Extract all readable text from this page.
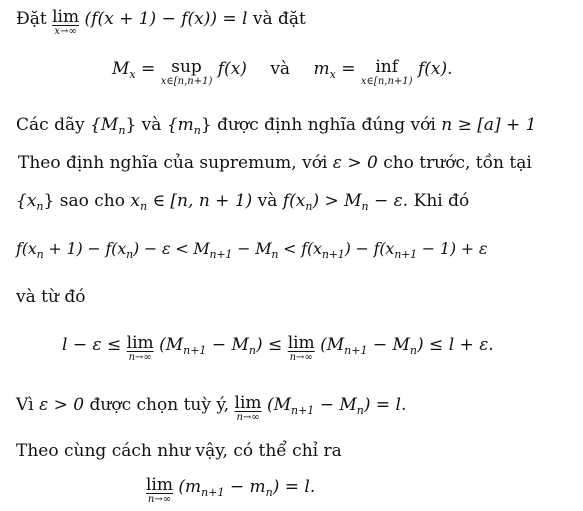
Đặt lim
x→∞
(f(x + 1) − f(x)) = l và đặt
$M_x$ = sup
x∈[n,n+1)
f(x) và $m_x$ =	inf
x∈[n,n+1)
f(x).
Các dãy $\{M_n\}$ và $\{m_n\}$ được định nghĩa đúng với n ≥ [a] + 1
Theo định nghĩa của supremum, với ε > 0 cho trước, tồn tại
$\{x_n\}$ sao cho $x_n$ ∈ [n, n + 1) và $f(x_n) > M_n - \varepsilon$. Khi đó
$f(x_n + 1) - f(x_n) - \varepsilon < M_{n+1} - M_n < f(x_{n+1}) - f(x_{n+1} - 1) + \varepsilon$
và từ đó
l − ε ≤ lim
n→∞
$(M_{n+1} - M_n) \le \lim$
n→∞
$(M_{n+1} - M_n) \le l + \varepsilon$.
Vì ε > 0 được chọn tuỳ ý, lim
n→∞
$(M_{n+1} - M_n) = l$.
Theo cùng cách như vậy, có thể chỉ ra
lim
n→∞
$(m_{n+1} - m_n) = l$.
